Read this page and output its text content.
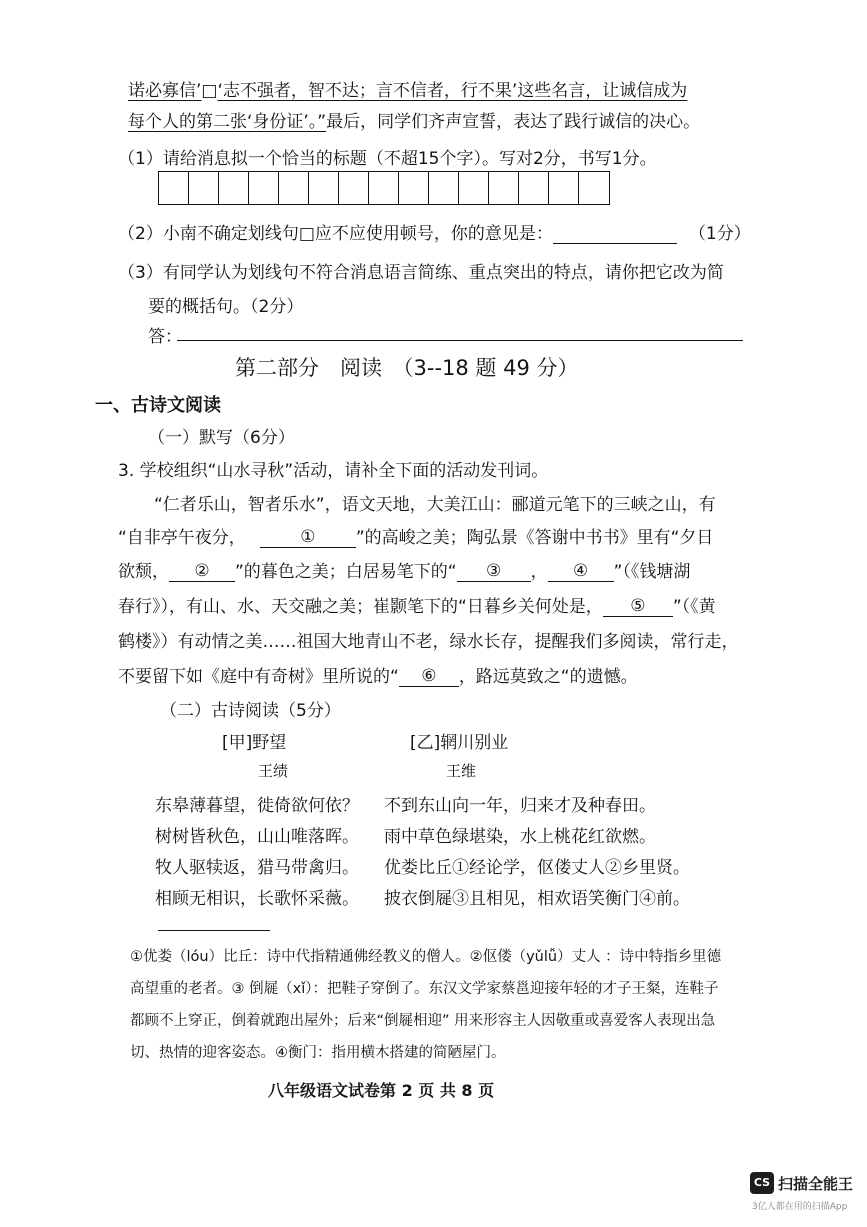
诺必寡信’□‘志不强者，智不达；言不信者，行不果’这些名言，让诚信成为
每个人的第二张‘身份证’。”最后，同学们齐声宣誓，表达了践行诚信的决心。
（1）请给消息拟一个恰当的标题（不超15个字）。写对2分，书写1分。
（2）小南不确定划线句□应不应使用顿号，你的意见是：	（1分）
（3）有同学认为划线句不符合消息语言简练、重点突出的特点，请你把它改为简
要的概括句。（2分）
答：
第二部分　阅读　（3--18 题 49 分）
一、古诗文阅读
（一）默写（6分）
3. 学校组织“山水寻秋”活动，请补全下面的活动发刊词。
“仁者乐山，智者乐水”，语文天地，大美江山：郦道元笔下的三峡之山，有
“自非亭午夜分，	① ”的高峻之美；陶弘景《答谢中书书》里有“夕日
欲颓， ② ”的暮色之美；白居易笔下的“ ③ ， ④ ”（《钱塘湖
春行》），有山、水、天交融之美；崔颢笔下的“日暮乡关何处是， ⑤ ”（《黄
鹤楼》）有动情之美……祖国大地青山不老，绿水长存，提醒我们多阅读，常行走，
不要留下如《庭中有奇树》里所说的“ ⑥ ，路远莫致之“的遗憾。
（二）古诗阅读（5分）
[甲]野望
王绩
东皋薄暮望，徙倚欲何依？
树树皆秋色，山山唯落晖。
牧人驱犊返，猎马带禽归。
相顾无相识，长歌怀采薇。
[乙]辋川别业
王维
不到东山向一年，归来才及种春田。
雨中草色绿堪染，水上桃花红欲燃。
优娄比丘①经论学，伛偻丈人②乡里贤。
披衣倒屣③且相见，相欢语笑衡门④前。
①优娄（lóu）比丘：诗中代指精通佛经教义的僧人。②伛偻（yǔlǚ）丈人 ：诗中特指乡里德
高望重的老者。③ 倒屣（xǐ）：把鞋子穿倒了。东汉文学家蔡邕迎接年轻的才子王粲，连鞋子
都顾不上穿正，倒着就跑出屋外；后来“倒屣相迎” 用来形容主人因敬重或喜爱客人表现出急
切、热情的迎客姿态。④衡门：指用横木搭建的简陋屋门。
八年级语文试卷第 2 页 共 8 页
CS 扫描全能王
3亿人都在用的扫描App
